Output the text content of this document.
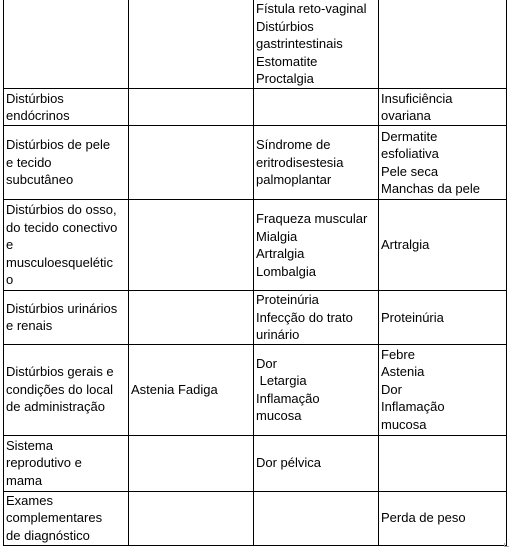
		Fístula reto-vaginal
Distúrbios
gastrintestinais
Estomatite
Proctalgia	

Distúrbios
endócrinos			Insuficiência
ovariana

Distúrbios de pele
e tecido
subcutâneo		Síndrome de
eritrodisestesia
palmoplantar	Dermatite
esfoliativa
Pele seca
Manchas da pele

Distúrbios do osso,
do tecido conectivo
e
musculoesquelétic
o		Fraqueza muscular
Mialgia
Artralgia
Lombalgia	Artralgia

Distúrbios urinários
e renais		Proteinúria
Infecção do trato
urinário	Proteinúria

Distúrbios gerais e
condições do local
de administração	Astenia Fadiga	Dor
Letargia
Inflamação
mucosa	Febre
Astenia
Dor
Inflamação
mucosa

Sistema
reprodutivo e
mama		Dor pélvica	

Exames
complementares
de diagnóstico			Perda de peso
